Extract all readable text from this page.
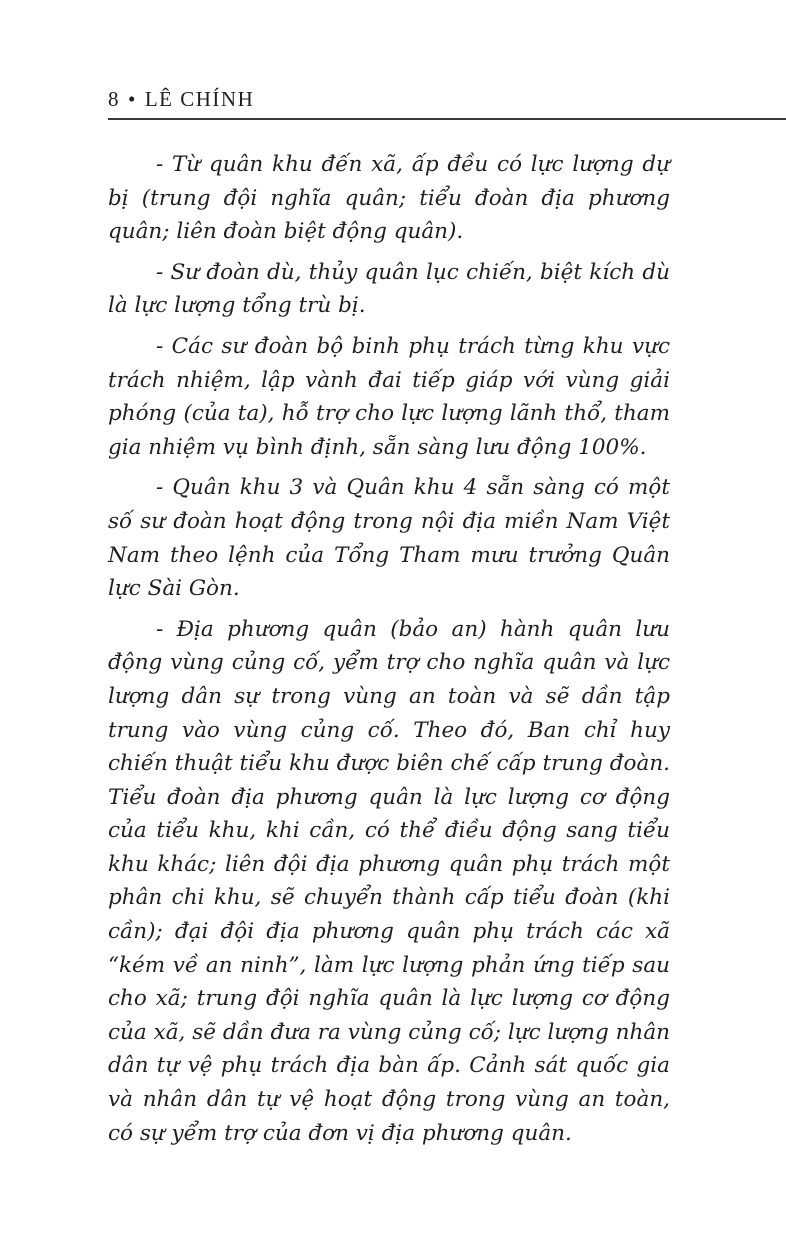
8 • LÊ CHÍNH

- Từ quân khu đến xã, ấp đều có lực lượng dự bị (trung đội nghĩa quân; tiểu đoàn địa phương quân; liên đoàn biệt động quân).

- Sư đoàn dù, thủy quân lục chiến, biệt kích dù là lực lượng tổng trù bị.

- Các sư đoàn bộ binh phụ trách từng khu vực trách nhiệm, lập vành đai tiếp giáp với vùng giải phóng (của ta), hỗ trợ cho lực lượng lãnh thổ, tham gia nhiệm vụ bình định, sẵn sàng lưu động 100%.

- Quân khu 3 và Quân khu 4 sẵn sàng có một số sư đoàn hoạt động trong nội địa miền Nam Việt Nam theo lệnh của Tổng Tham mưu trưởng Quân lực Sài Gòn.

- Địa phương quân (bảo an) hành quân lưu động vùng củng cố, yểm trợ cho nghĩa quân và lực lượng dân sự trong vùng an toàn và sẽ dần tập trung vào vùng củng cố. Theo đó, Ban chỉ huy chiến thuật tiểu khu được biên chế cấp trung đoàn. Tiểu đoàn địa phương quân là lực lượng cơ động của tiểu khu, khi cần, có thể điều động sang tiểu khu khác; liên đội địa phương quân phụ trách một phân chi khu, sẽ chuyển thành cấp tiểu đoàn (khi cần); đại đội địa phương quân phụ trách các xã “kém về an ninh”, làm lực lượng phản ứng tiếp sau cho xã; trung đội nghĩa quân là lực lượng cơ động của xã, sẽ dần đưa ra vùng củng cố; lực lượng nhân dân tự vệ phụ trách địa bàn ấp. Cảnh sát quốc gia và nhân dân tự vệ hoạt động trong vùng an toàn, có sự yểm trợ của đơn vị địa phương quân.
